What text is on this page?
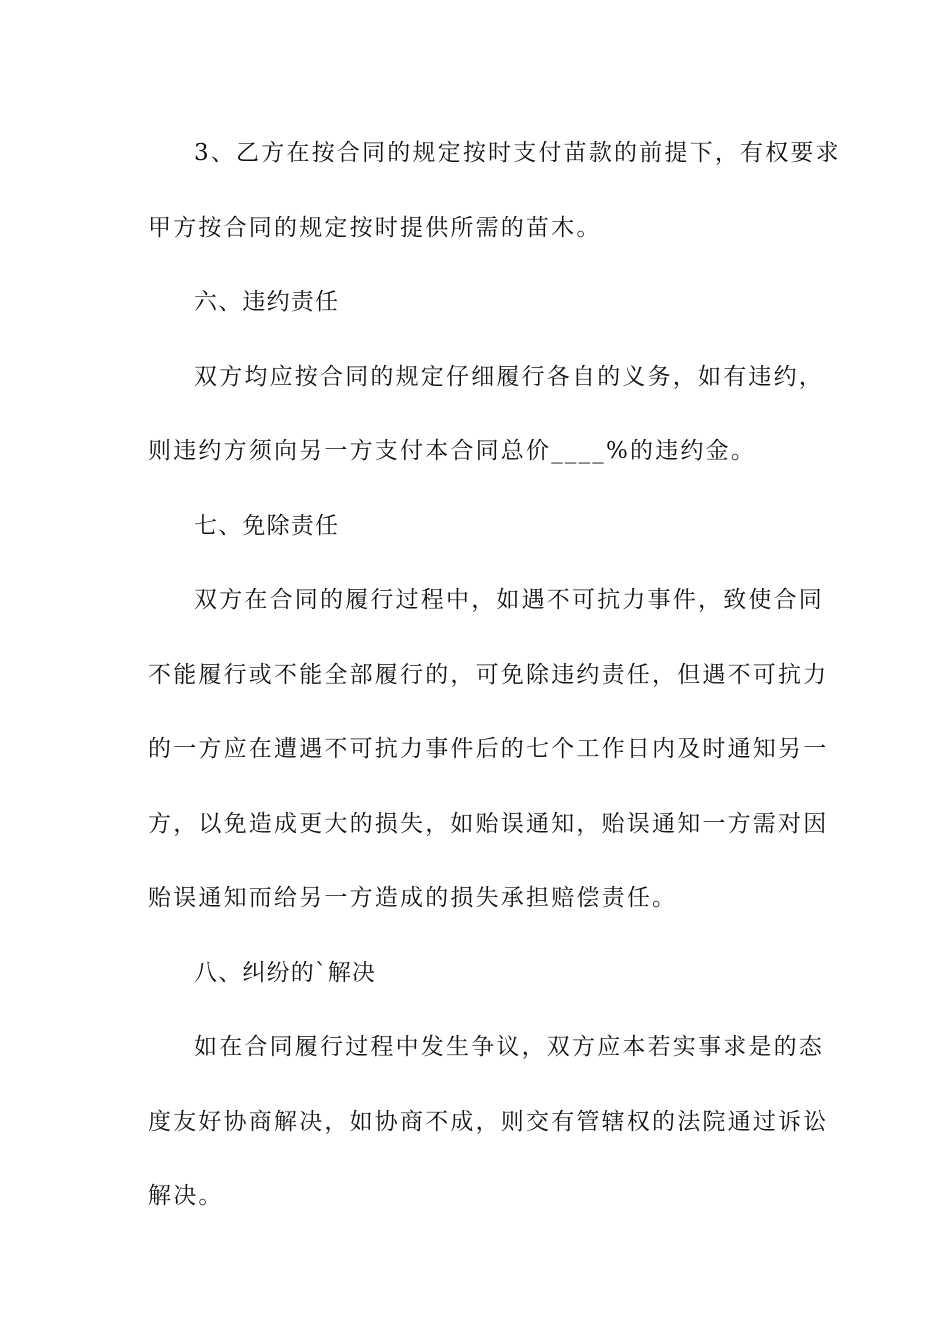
3、乙方在按合同的规定按时支付苗款的前提下，有权要求
甲方按合同的规定按时提供所需的苗木。
六、违约责任
双方均应按合同的规定仔细履行各自的义务，如有违约，
则违约方须向另一方支付本合同总价____%的违约金。
七、免除责任
双方在合同的履行过程中，如遇不可抗力事件，致使合同
不能履行或不能全部履行的，可免除违约责任，但遇不可抗力
的一方应在遭遇不可抗力事件后的七个工作日内及时通知另一
方，以免造成更大的损失，如贻误通知，贻误通知一方需对因
贻误通知而给另一方造成的损失承担赔偿责任。
八、纠纷的`解决
如在合同履行过程中发生争议，双方应本若实事求是的态
度友好协商解决，如协商不成，则交有管辖权的法院通过诉讼
解决。
